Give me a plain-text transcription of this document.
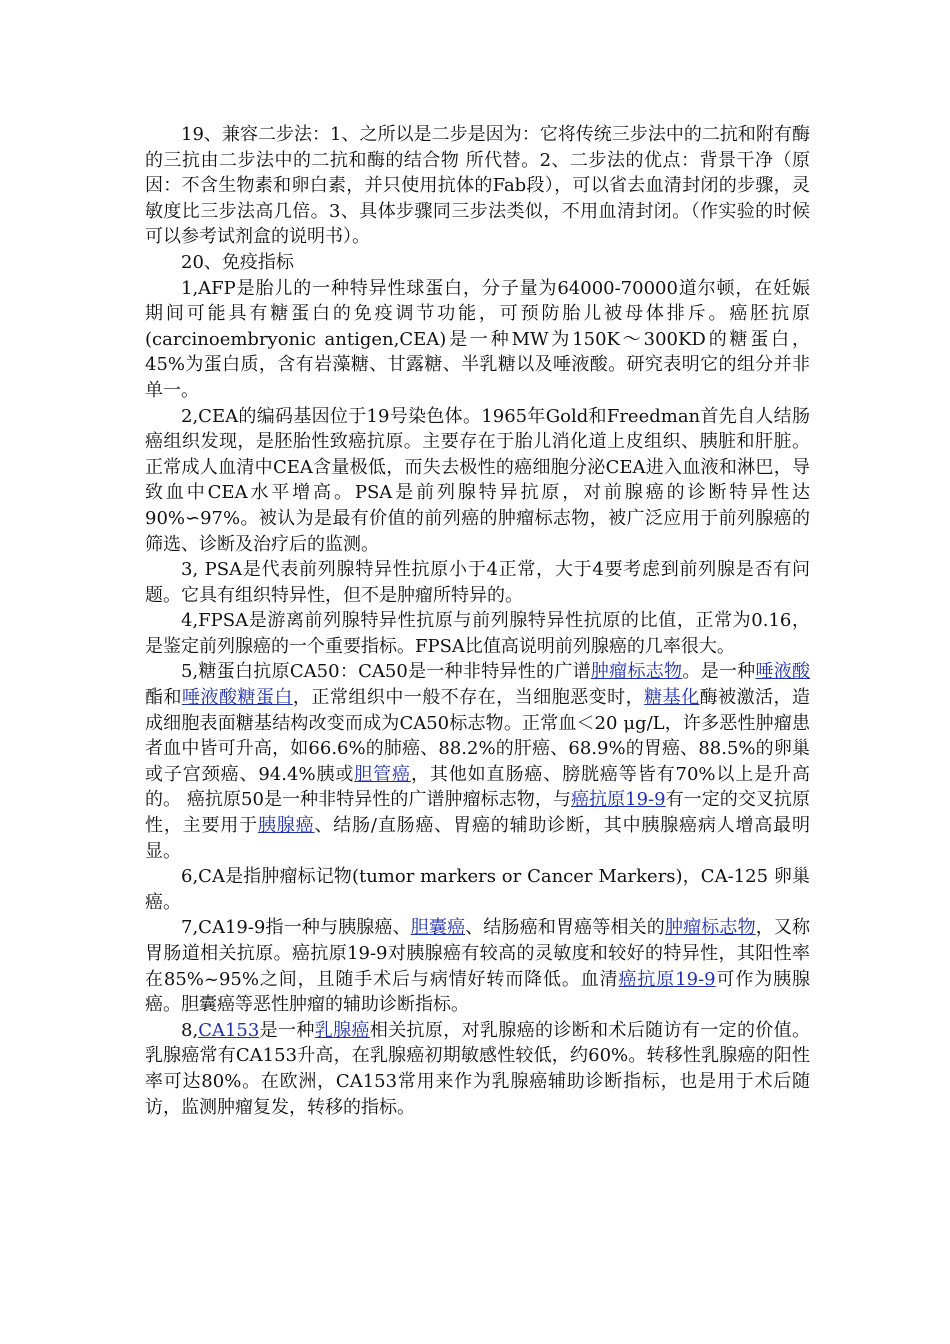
19、兼容二步法：1、之所以是二步是因为：它将传统三步法中的二抗和附有酶的三抗由二步法中的二抗和酶的结合物 所代替。2、二步法的优点：背景干净（原因：不含生物素和卵白素，并只使用抗体的Fab段），可以省去血清封闭的步骤，灵敏度比三步法高几倍。3、具体步骤同三步法类似，不用血清封闭。（作实验的时候可以参考试剂盒的说明书）。

20、免疫指标

1,AFP是胎儿的一种特异性球蛋白，分子量为64000-70000道尔顿，在妊娠 期间可能具有糖蛋白的免疫调节功能，可预防胎儿被母体排斥。癌胚抗原(carcinoembryonic antigen,CEA)是一种MW为150K～300KD的糖蛋白，45%为蛋白质，含有岩藻糖、甘露糖、半乳糖以及唾液酸。研究表明它的组分并非单一。

2,CEA的编码基因位于19号染色体。1965年Gold和Freedman首先自人结肠癌组织发现，是胚胎性致癌抗原。主要存在于胎儿消化道上皮组织、胰脏和肝脏。正常成人血清中CEA含量极低，而失去极性的癌细胞分泌CEA进入血液和淋巴，导致血中CEA水平增高。PSA是前列腺特异抗原，对前腺癌的诊断特异性达90%∽97%。被认为是最有价值的前列癌的肿瘤标志物，被广泛应用于前列腺癌的筛选、诊断及治疗后的监测。

3, PSA是代表前列腺特异性抗原小于4正常，大于4要考虑到前列腺是否有问题。它具有组织特异性，但不是肿瘤所特异的。

4,FPSA是游离前列腺特异性抗原与前列腺特异性抗原的比值，正常为0.16，是鉴定前列腺癌的一个重要指标。FPSA比值高说明前列腺癌的几率很大。

5,糖蛋白抗原CA50：CA50是一种非特异性的广谱肿瘤标志物。是一种唾液酸酯和唾液酸糖蛋白，正常组织中一般不存在，当细胞恶变时，糖基化酶被激活，造成细胞表面糖基结构改变而成为CA50标志物。正常血＜20 μg/L，许多恶性肿瘤患者血中皆可升高，如66.6%的肺癌、88.2%的肝癌、68.9%的胃癌、88.5%的卵巢或子宫颈癌、94.4%胰或胆管癌，其他如直肠癌、膀胱癌等皆有70%以上是升高的。 癌抗原50是一种非特异性的广谱肿瘤标志物，与癌抗原19-9有一定的交叉抗原性，主要用于胰腺癌、结肠/直肠癌、胃癌的辅助诊断，其中胰腺癌病人增高最明显。

6,CA是指肿瘤标记物(tumor markers or Cancer Markers)，CA-125 卵巢癌。

7,CA19-9指一种与胰腺癌、胆囊癌、结肠癌和胃癌等相关的肿瘤标志物，又称胃肠道相关抗原。癌抗原19-9对胰腺癌有较高的灵敏度和较好的特异性，其阳性率在85%~95%之间，且随手术后与病情好转而降低。血清癌抗原19-9可作为胰腺癌。胆囊癌等恶性肿瘤的辅助诊断指标。

8,CA153是一种乳腺癌相关抗原，对乳腺癌的诊断和术后随访有一定的价值。 乳腺癌常有CA153升高，在乳腺癌初期敏感性较低，约60%。转移性乳腺癌的阳性率可达80%。在欧洲，CA153常用来作为乳腺癌辅助诊断指标，也是用于术后随访，监测肿瘤复发，转移的指标。
